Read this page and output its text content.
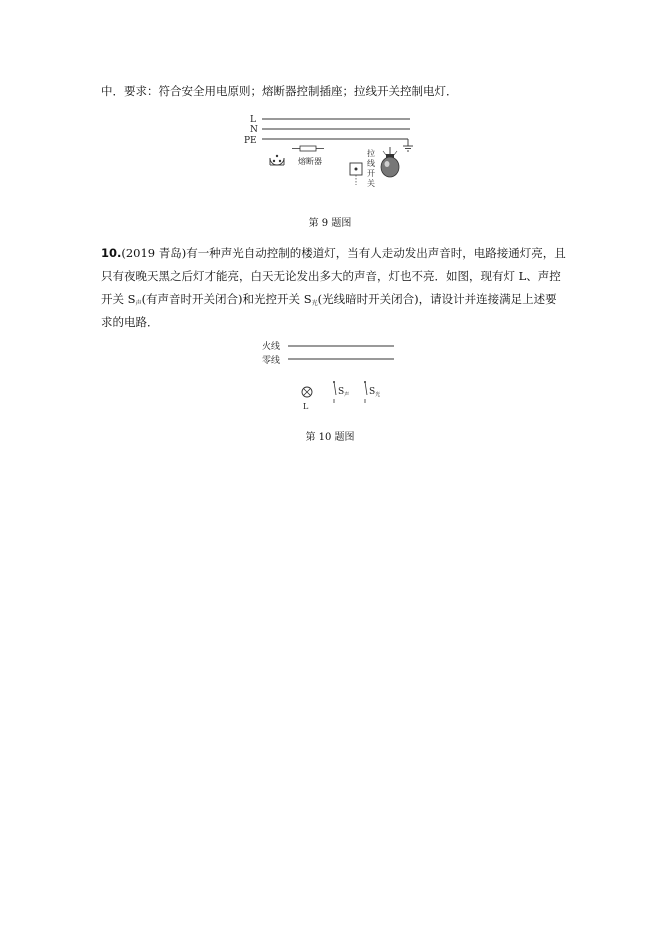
中．要求：符合安全用电原则；熔断器控制插座；拉线开关控制电灯．
L
N
PE
熔断器
拉
线
开
关
第 9 题图
10.(2019 青岛)有一种声光自动控制的楼道灯，当有人走动发出声音时，电路接通灯亮，且
只有夜晚天黑之后灯才能亮，白天无论发出多大的声音，灯也不亮．如图，现有灯 L、声控
开关 $S_声$(有声音时开关闭合)和光控开关 $S_光$(光线暗时开关闭合)，请设计并连接满足上述要
求的电路．
火线
零线
L
$S_声$ $S_光$
第 10 题图
